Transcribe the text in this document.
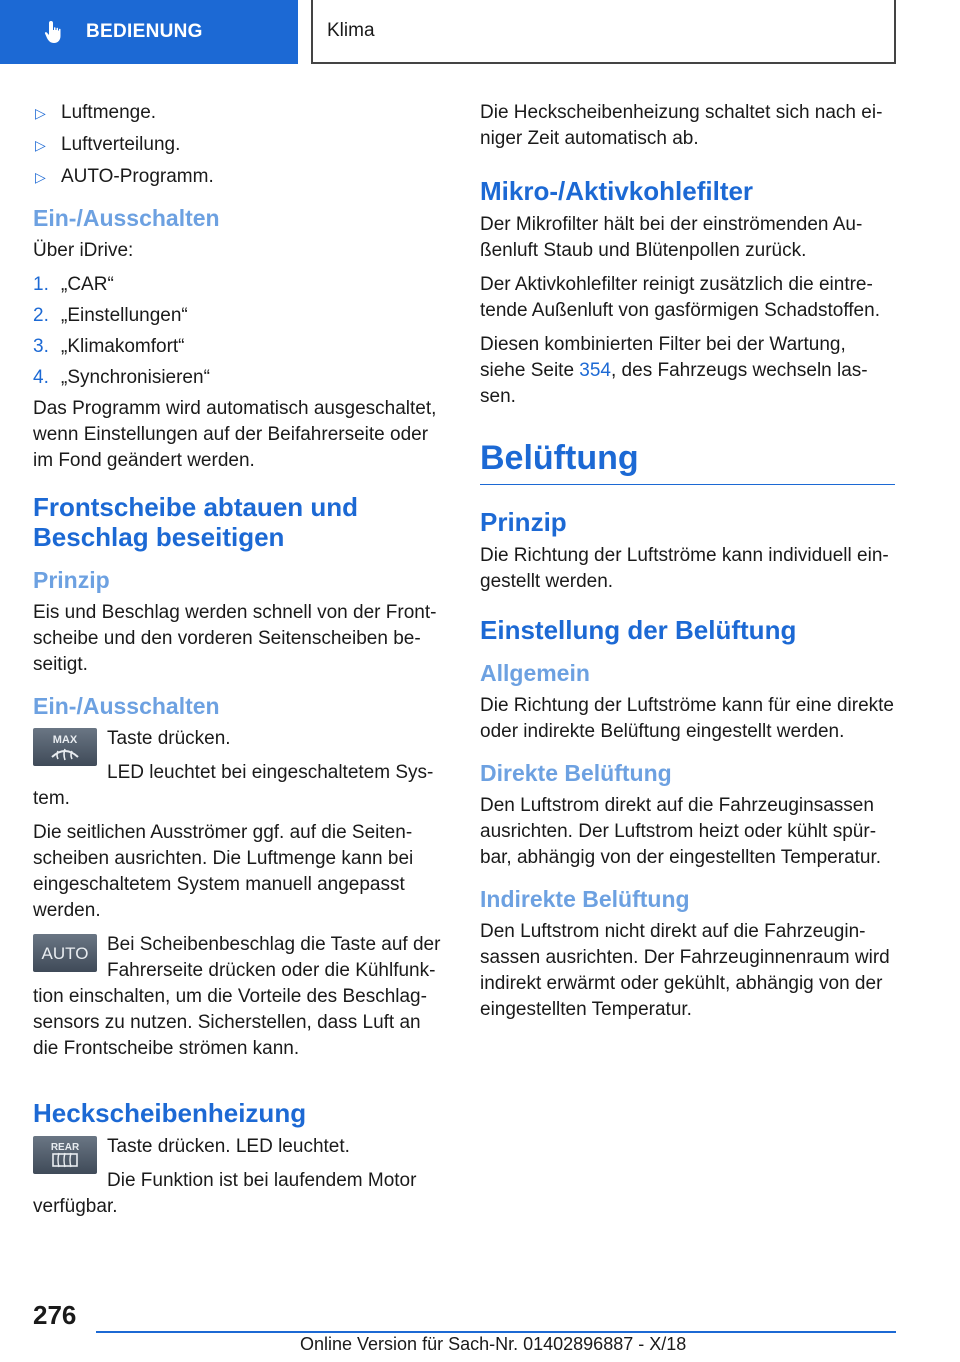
BEDIENUNG	Klima
▷ Luftmenge.
▷ Luftverteilung.
▷ AUTO-Programm.
Ein-/Ausschalten

Über iDrive:

1. „CAR“
2. „Einstellungen“
3. „Klimakomfort“
4. „Synchronisieren“

Das Programm wird automatisch ausgeschaltet, wenn Einstellungen auf der Beifahrerseite oder im Fond geändert werden.

Frontscheibe abtauen und Beschlag beseitigen
Prinzip

Eis und Beschlag werden schnell von der Frontscheibe und den vorderen Seitenscheiben beseitigt.

Ein-/Ausschalten
MAX	Taste drücken.

LED leuchtet bei eingeschaltetem System.

Die seitlichen Ausströmer ggf. auf die Seitenscheiben ausrichten. Die Luftmenge kann bei eingeschaltetem System manuell angepasst werden.

AUTO Bei Scheibenbeschlag die Taste auf der Fahrerseite drücken oder die Kühlfunktion einschalten, um die Vorteile des Beschlagsensors zu nutzen. Sicherstellen, dass Luft an die Frontscheibe strömen kann.

Heckscheibenheizung
REAR	Taste drücken. LED leuchtet.

Die Funktion ist bei laufendem Motor verfügbar.

Die Heckscheibenheizung schaltet sich nach einiger Zeit automatisch ab.

Mikro-/Aktivkohlefilter

Der Mikrofilter hält bei der einströmenden Außenluft Staub und Blütenpollen zurück.

Der Aktivkohlefilter reinigt zusätzlich die eintretende Außenluft von gasförmigen Schadstoffen.

Diesen kombinierten Filter bei der Wartung, siehe Seite 354, des Fahrzeugs wechseln lassen.

Belüftung
Prinzip

Die Richtung der Luftströme kann individuell eingestellt werden.

Einstellung der Belüftung
Allgemein

Die Richtung der Luftströme kann für eine direkte oder indirekte Belüftung eingestellt werden.

Direkte Belüftung

Den Luftstrom direkt auf die Fahrzeuginsassen ausrichten. Der Luftstrom heizt oder kühlt spürbar, abhängig von der eingestellten Temperatur.

Indirekte Belüftung

Den Luftstrom nicht direkt auf die Fahrzeuginsassen ausrichten. Der Fahrzeuginnenraum wird indirekt erwärmt oder gekühlt, abhängig von der eingestellten Temperatur.

276
Online Version für Sach-Nr. 01402896887 - X/18
